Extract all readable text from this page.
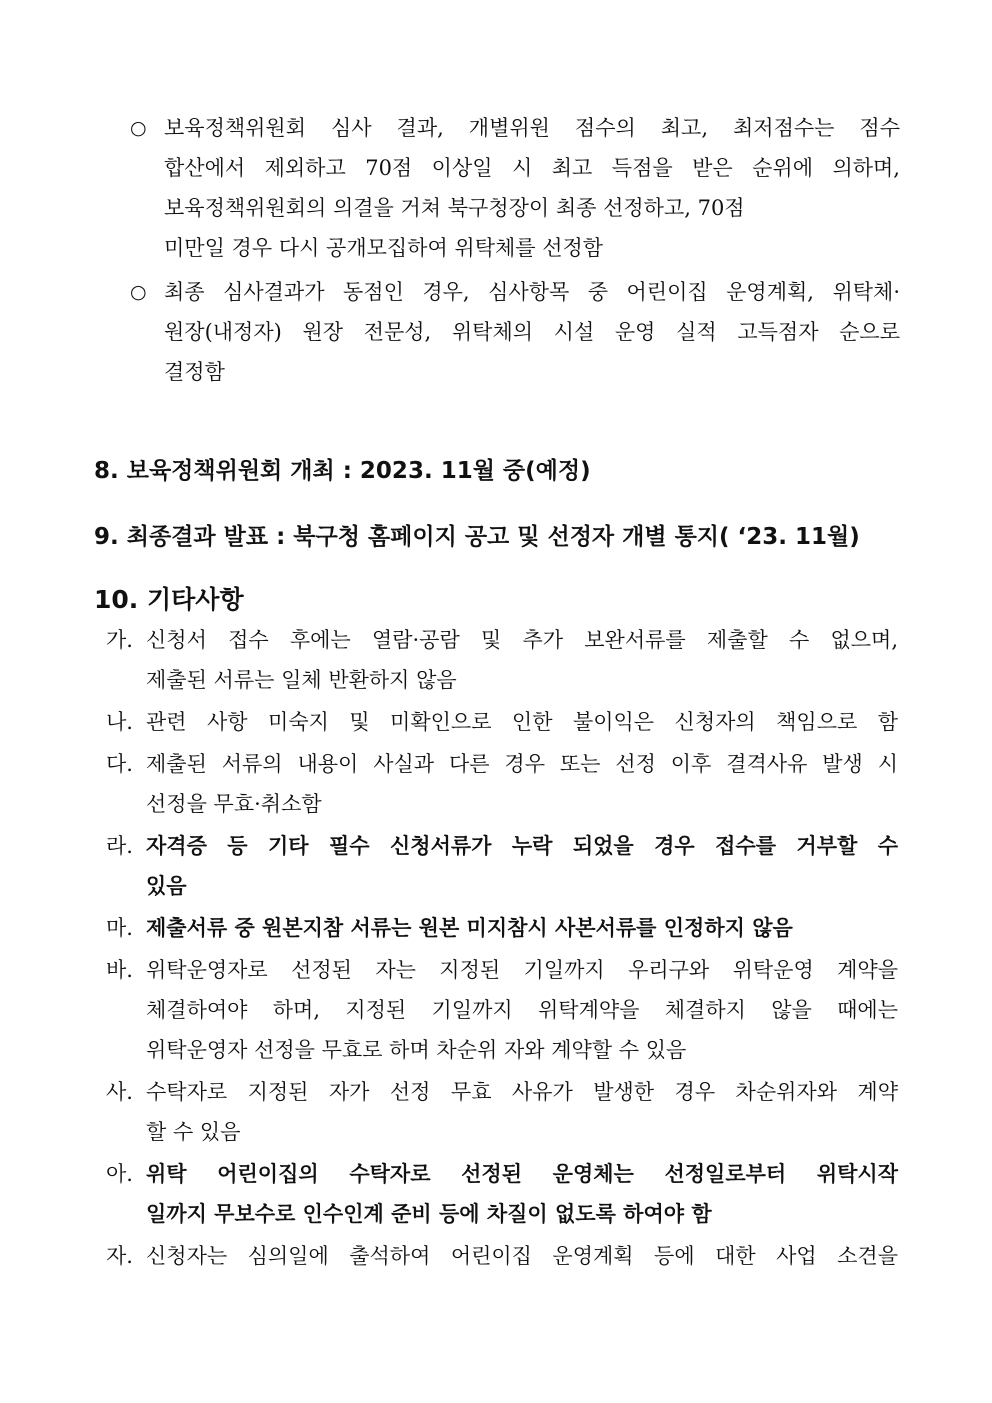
○ 보육정책위원회 심사 결과, 개별위원 점수의 최고, 최저점수는 점수
합산에서 제외하고 70점 이상일 시 최고 득점을 받은 순위에 의하며,
보육정책위원회의 의결을 거쳐 북구청장이 최종 선정하고, 70점
미만일 경우 다시 공개모집하여 위탁체를 선정함
○ 최종 심사결과가 동점인 경우, 심사항목 중 어린이집 운영계획, 위탁체·
원장(내정자) 원장 전문성, 위탁체의 시설 운영 실적 고득점자 순으로
결정함
8. 보육정책위원회 개최 : 2023. 11월 중(예정)
9. 최종결과 발표 : 북구청 홈페이지 공고 및 선정자 개별 통지( ‘23. 11월)
10. 기타사항
가. 신청서 접수 후에는 열람·공람 및 추가 보완서류를 제출할 수 없으며,
제출된 서류는 일체 반환하지 않음
나. 관련 사항 미숙지 및 미확인으로 인한 불이익은 신청자의 책임으로 함
다. 제출된 서류의 내용이 사실과 다른 경우 또는 선정 이후 결격사유 발생 시
선정을 무효·취소함
라. 자격증 등 기타 필수 신청서류가 누락 되었을 경우 접수를 거부할 수
있음
마. 제출서류 중 원본지참 서류는 원본 미지참시 사본서류를 인정하지 않음
바. 위탁운영자로 선정된 자는 지정된 기일까지 우리구와 위탁운영 계약을
체결하여야 하며, 지정된 기일까지 위탁계약을 체결하지 않을 때에는
위탁운영자 선정을 무효로 하며 차순위 자와 계약할 수 있음
사. 수탁자로 지정된 자가 선정 무효 사유가 발생한 경우 차순위자와 계약
할 수 있음
아. 위탁 어린이집의 수탁자로 선정된 운영체는 선정일로부터 위탁시작
일까지 무보수로 인수인계 준비 등에 차질이 없도록 하여야 함
자. 신청자는 심의일에 출석하여 어린이집 운영계획 등에 대한 사업 소견을
